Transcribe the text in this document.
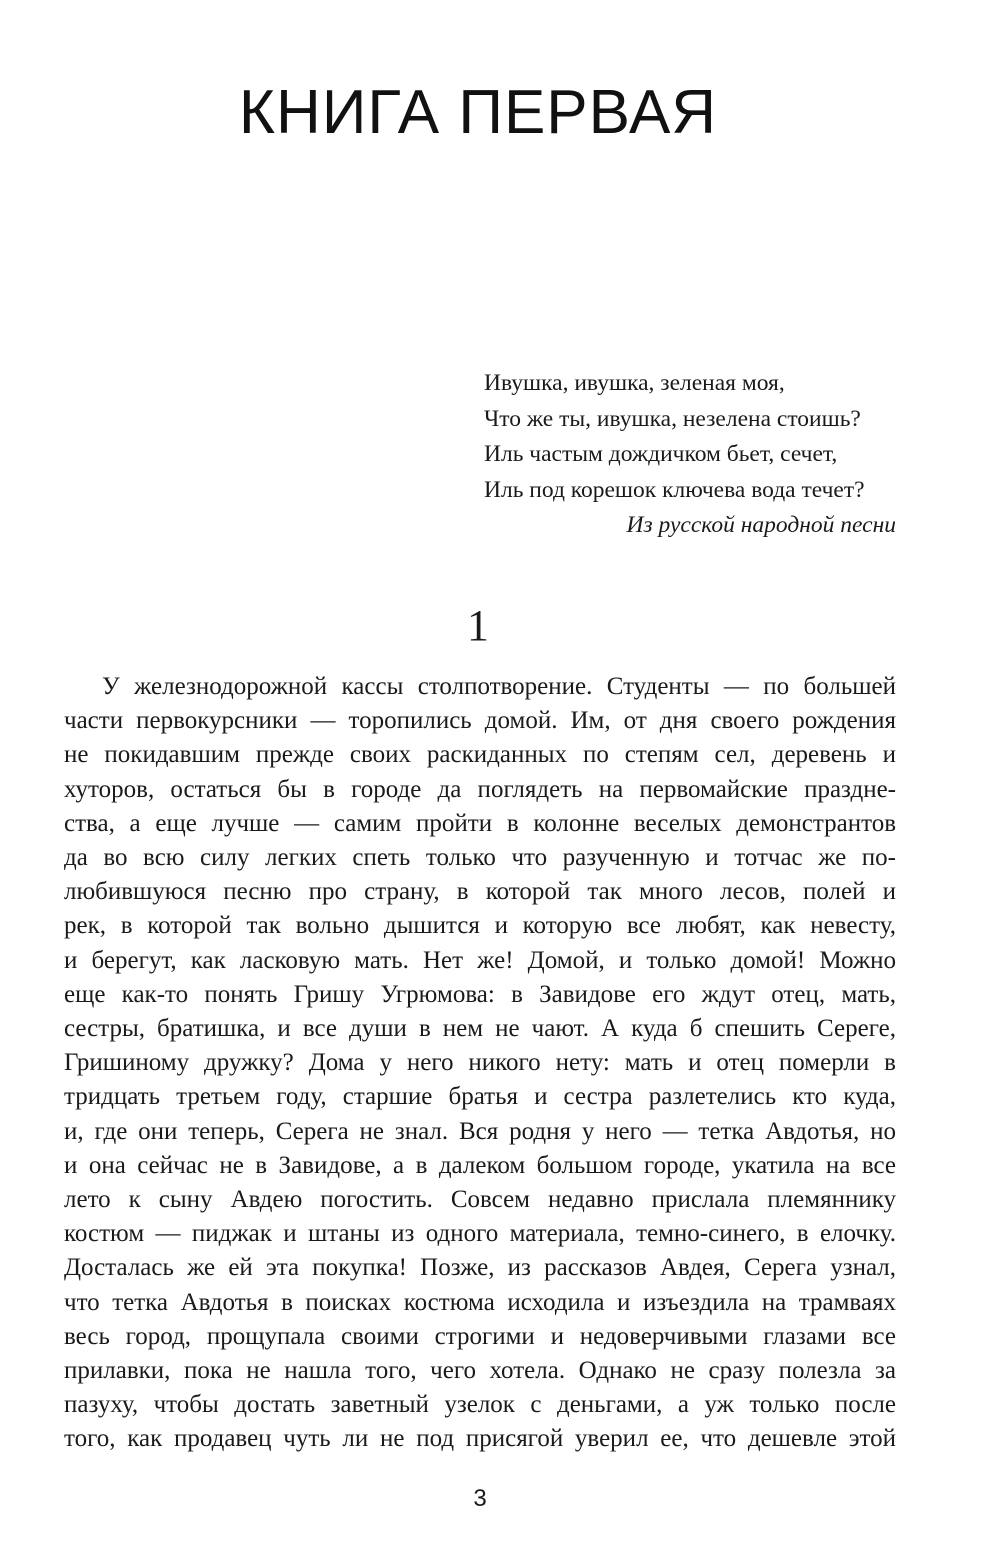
КНИГА ПЕРВАЯ
Ивушка, ивушка, зеленая моя,
Что же ты, ивушка, незелена стоишь?
Иль частым дождичком бьет, сечет,
Иль под корешок ключева вода течет?
Из русской народной песни
1
У железнодорожной кассы столпотворение. Студенты — по большей
части первокурсники — торопились домой. Им, от дня своего рождения
не покидавшим прежде своих раскиданных по степям сел, деревень и
хуторов, остаться бы в городе да поглядеть на первомайские праздне-
ства, а еще лучше — самим пройти в колонне веселых демонстрантов
да во всю силу легких спеть только что разученную и тотчас же по-
любившуюся песню про страну, в которой так много лесов, полей и
рек, в которой так вольно дышится и которую все любят, как невесту,
и берегут, как ласковую мать. Нет же! Домой, и только домой! Можно
еще как-то понять Гришу Угрюмова: в Завидове его ждут отец, мать,
сестры, братишка, и все души в нем не чают. А куда б спешить Сереге,
Гришиному дружку? Дома у него никого нету: мать и отец померли в
тридцать третьем году, старшие братья и сестра разлетелись кто куда,
и, где они теперь, Серега не знал. Вся родня у него — тетка Авдотья, но
и она сейчас не в Завидове, а в далеком большом городе, укатила на все
лето к сыну Авдею погостить. Совсем недавно прислала племяннику
костюм — пиджак и штаны из одного материала, темно-синего, в елочку.
Досталась же ей эта покупка! Позже, из рассказов Авдея, Серега узнал,
что тетка Авдотья в поисках костюма исходила и изъездила на трамваях
весь город, прощупала своими строгими и недоверчивыми глазами все
прилавки, пока не нашла того, чего хотела. Однако не сразу полезла за
пазуху, чтобы достать заветный узелок с деньгами, а уж только после
того, как продавец чуть ли не под присягой уверил ее, что дешевле этой
3
